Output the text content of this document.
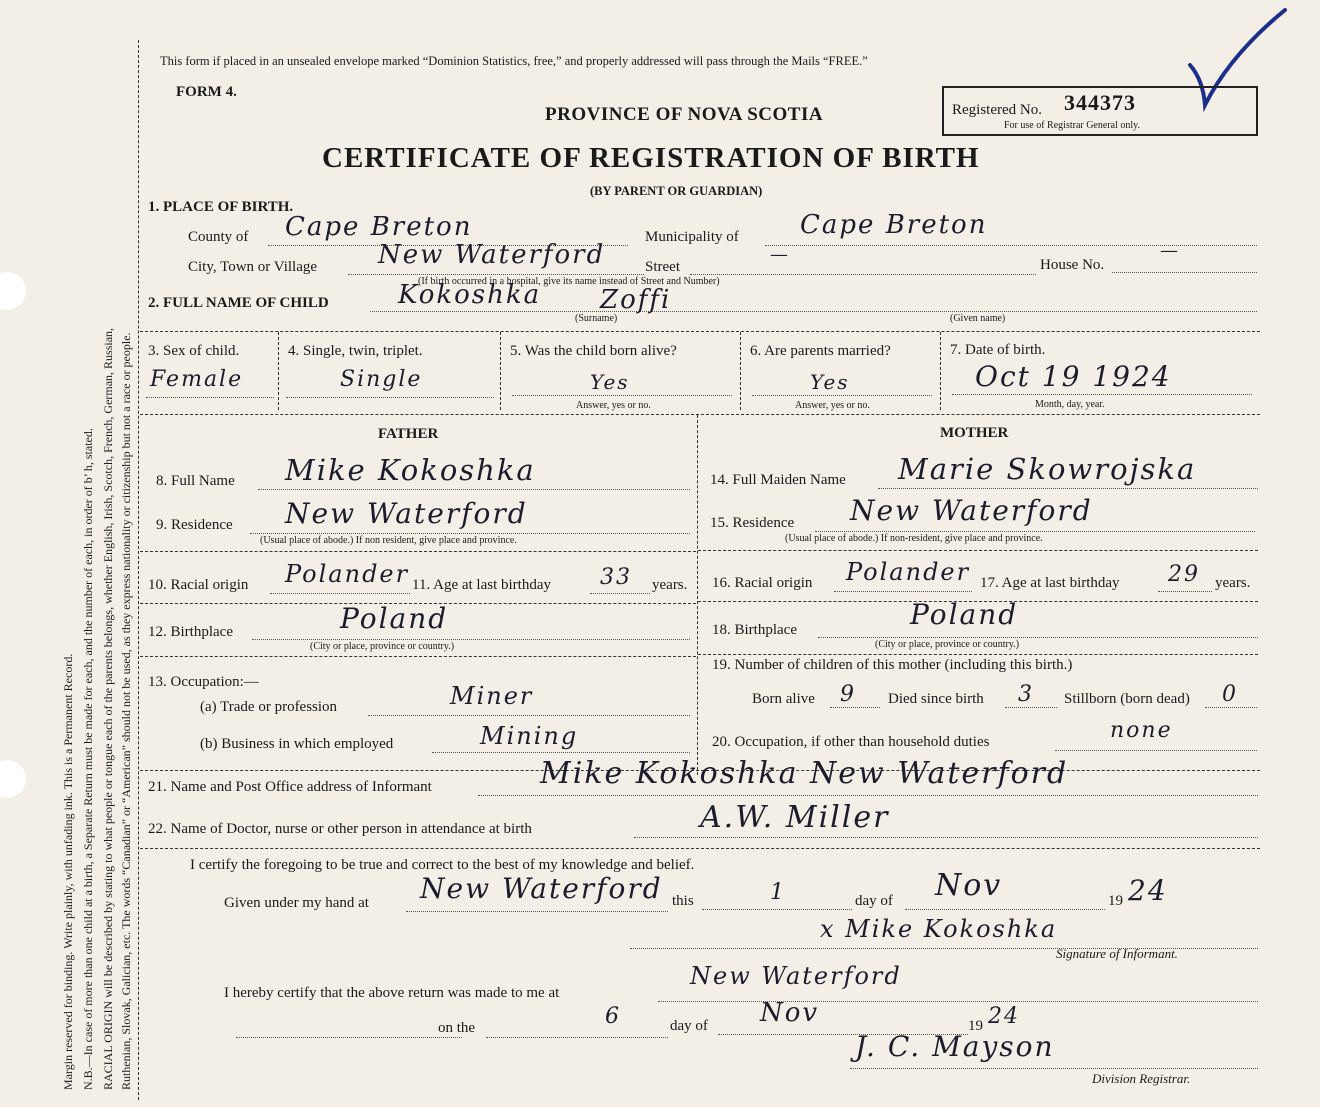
Margin reserved for binding. Write plainly, with unfading ink. This is a Permanent Record. N.B.—In case of more than one child at a birth, a Separate Return must be made for each, and the number of each, in order of b’ h, stated. RACIAL ORIGIN will be described by stating to what people or tongue each of the parents belongs, whether English, Irish, Scotch, French, German, Russian, Ruthenian, Slovak, Galician, etc. The words “Canadian” or “American” should not be used, as they express nationality or citizenship but not a race or people.
This form if placed in an unsealed envelope marked “Dominion Statistics, free,” and properly addressed will pass through the Mails “FREE.”
FORM 4.
PROVINCE OF NOVA SCOTIA
CERTIFICATE OF REGISTRATION OF BIRTH
(BY PARENT OR GUARDIAN)
Registered No. 344373
For use of Registrar General only.
1. PLACE OF BIRTH.
County of Cape Breton	Municipality of Cape Breton
City, Town or Village New Waterford	Street
—	House No.
—
(If birth occurred in a hospital, give its name instead of Street and Number)
2. FULL NAME OF CHILD	Kokoshka Zoffi
(Surname)	(Given name)
3. Sex of child.
Female
4. Single, twin, triplet.
Single
5. Was the child born alive?
Yes
Answer, yes or no.
6. Are parents married?
Yes
Answer, yes or no.
7. Date of birth.
Oct 19 1924
Month, day, year.
FATHER
8. Full Name Mike Kokoshka
9. Residence New Waterford
(Usual place of abode.) If non resident, give place and province.
10. Racial origin Polander 11. Age at last birthday 33 years.
12. Birthplace	Poland
(City or place, province or country.)
13. Occupation:—
(a) Trade or profession	Miner
(b) Business in which employed	Mining
MOTHER
14. Full Maiden Name Marie Skowrojska
15. Residence New Waterford
(Usual place of abode.) If non-resident, give place and province.
16. Racial origin Polander 17. Age at last birthday 29 years.
18. Birthplace	Poland
(City or place, province or country.)
19. Number of children of this mother (including this birth.)
Born alive 9 Died since birth 3 Stillborn (born dead) 0
20. Occupation, if other than household duties	none
21. Name and Post Office address of Informant	Mike Kokoshka New Waterford
22. Name of Doctor, nurse or other person in attendance at birth	A.W. Miller
I certify the foregoing to be true and correct to the best of my knowledge and belief.
Given under my hand at New Waterford this	1	day of Nov	19 24
x Mike Kokoshka
Signature of Informant.
I hereby certify that the above return was made to me at
New Waterford
on the	6	day of Nov	19 24
J. C. Mayson
Division Registrar.
